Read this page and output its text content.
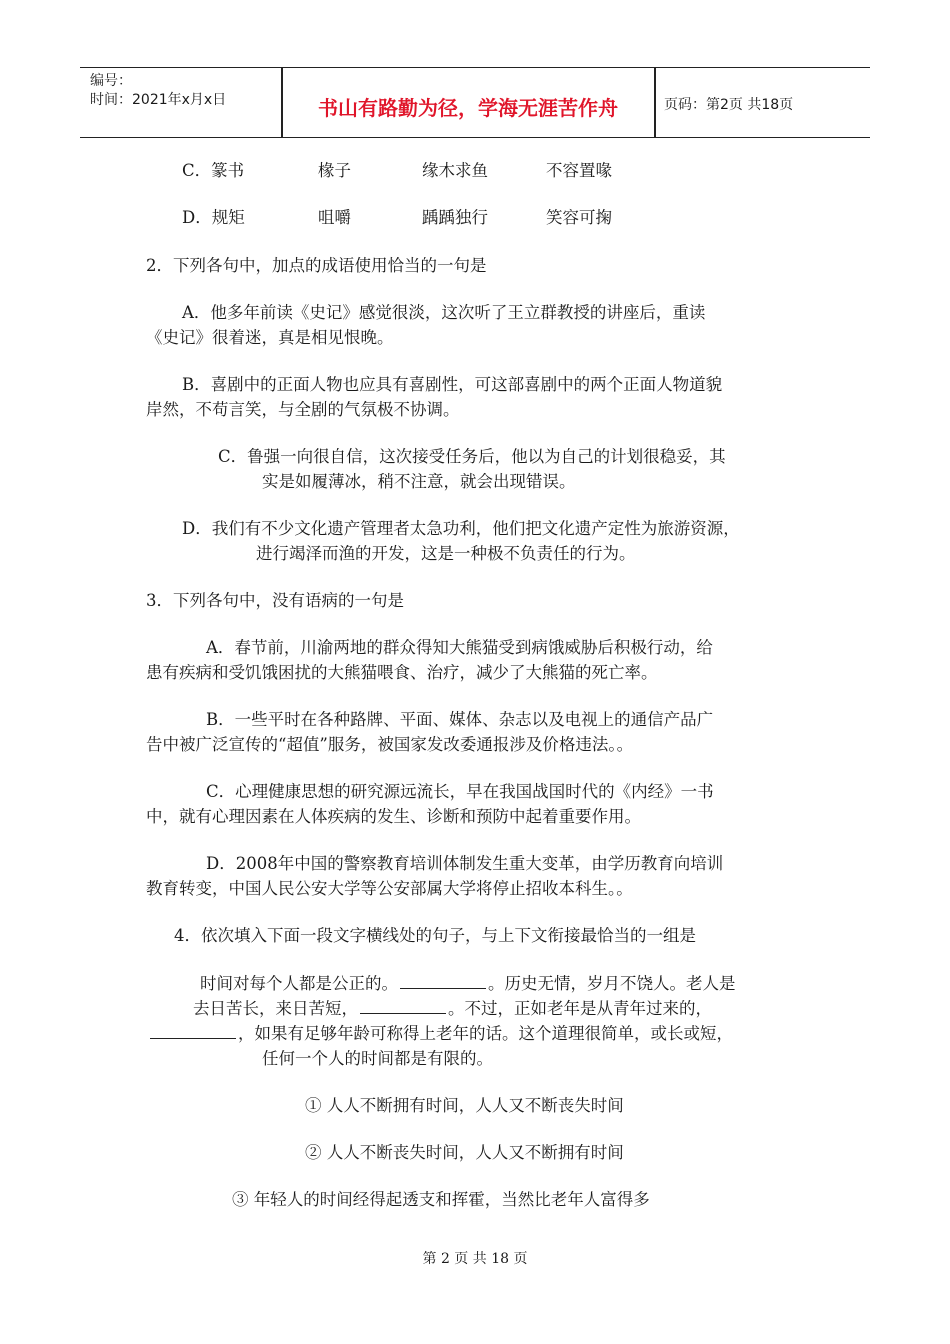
编号：
时间：2021年x月x日	书山有路勤为径，学海无涯苦作舟	页码：第2页 共18页
C．篆书	椽子	缘木求鱼	不容置喙
D．规矩	咀嚼	踽踽独行	笑容可掬
2．下列各句中，加点的成语使用恰当的一句是
A．他多年前读《史记》感觉很淡，这次听了王立群教授的讲座后，重读
《史记》很着迷，真是相见恨晚。
B．喜剧中的正面人物也应具有喜剧性，可这部喜剧中的两个正面人物道貌
岸然，不苟言笑，与全剧的气氛极不协调。
C．鲁强一向很自信，这次接受任务后，他以为自己的计划很稳妥，其
实是如履薄冰，稍不注意，就会出现错误。
D．我们有不少文化遗产管理者太急功利，他们把文化遗产定性为旅游资源，
进行竭泽而渔的开发，这是一种极不负责任的行为。
3．下列各句中，没有语病的一句是
A．春节前，川渝两地的群众得知大熊猫受到病饿威胁后积极行动，给
患有疾病和受饥饿困扰的大熊猫喂食、治疗，减少了大熊猫的死亡率。
B．一些平时在各种路牌、平面、媒体、杂志以及电视上的通信产品广
告中被广泛宣传的“超值”服务，被国家发改委通报涉及价格违法。。
C．心理健康思想的研究源远流长，早在我国战国时代的《内经》一书
中，就有心理因素在人体疾病的发生、诊断和预防中起着重要作用。
D．2008年中国的警察教育培训体制发生重大变革，由学历教育向培训
教育转变，中国人民公安大学等公安部属大学将停止招收本科生。。
4．依次填入下面一段文字横线处的句子，与上下文衔接最恰当的一组是
时间对每个人都是公正的。	。历史无情，岁月不饶人。老人是
去日苦长，来日苦短，	。不过，正如老年是从青年过来的，
，如果有足够年龄可称得上老年的话。这个道理很简单，或长或短，
任何一个人的时间都是有限的。
① 人人不断拥有时间，人人又不断丧失时间
② 人人不断丧失时间，人人又不断拥有时间
③ 年轻人的时间经得起透支和挥霍，当然比老年人富得多
第 2 页 共 18 页
